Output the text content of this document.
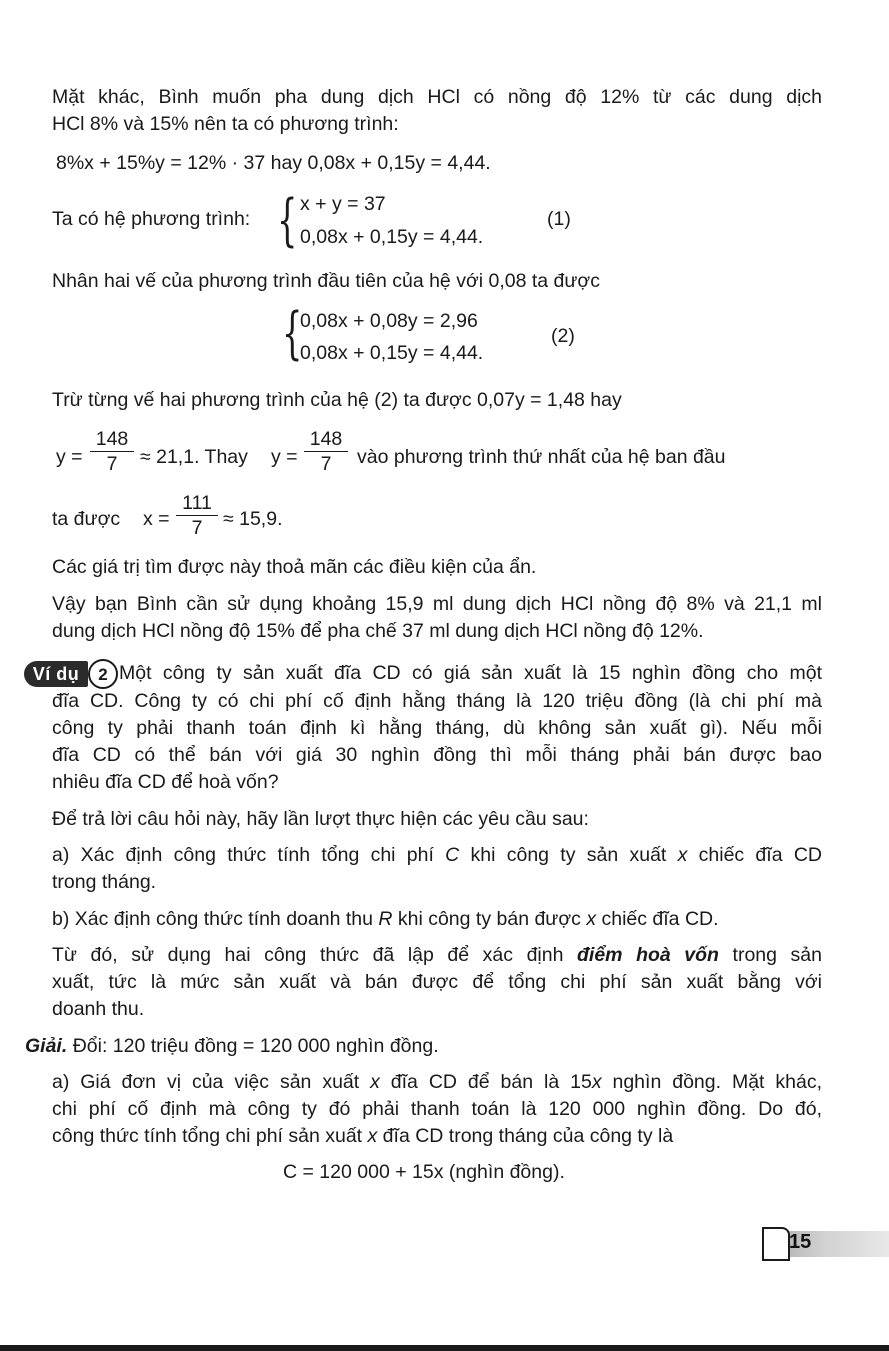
Mặt khác, Bình muốn pha dung dịch HCl có nồng độ 12% từ các dung dịch
HCl 8% và 15% nên ta có phương trình:
8%x + 15%y = 12% · 37 hay 0,08x + 0,15y = 4,44.
Ta có hệ phương trình: { x + y = 37
0,08x + 0,15y = 4,44.
(1)
Nhân hai vế của phương trình đầu tiên của hệ với 0,08 ta được
{
0,08x + 0,08y = 2,96
0,08x + 0,15y = 4,44.
(2)
Trừ từng vế hai phương trình của hệ (2) ta được 0,07y = 1,48 hay
$y = \frac{148}{7} \approx 21,1$. Thay $y = \frac{148}{7}$ vào phương trình thứ nhất của hệ ban đầu
ta được $x = \frac{111}{7} \approx 15,9$.
Các giá trị tìm được này thoả mãn các điều kiện của ẩn.
Vậy bạn Bình cần sử dụng khoảng 15,9 ml dung dịch HCl nồng độ 8% và 21,1 ml
dung dịch HCl nồng độ 15% để pha chế 37 ml dung dịch HCl nồng độ 12%.
Ví dụ	2 Một công ty sản xuất đĩa CD có giá sản xuất là 15 nghìn đồng cho một
đĩa CD. Công ty có chi phí cố định hằng tháng là 120 triệu đồng (là chi phí mà
công ty phải thanh toán định kì hằng tháng, dù không sản xuất gì). Nếu mỗi
đĩa CD có thể bán với giá 30 nghìn đồng thì mỗi tháng phải bán được bao
nhiêu đĩa CD để hoà vốn?
Để trả lời câu hỏi này, hãy lần lượt thực hiện các yêu cầu sau:
a) Xác định công thức tính tổng chi phí C khi công ty sản xuất x chiếc đĩa CD
trong tháng.
b) Xác định công thức tính doanh thu R khi công ty bán được x chiếc đĩa CD.
Từ đó, sử dụng hai công thức đã lập để xác định điểm hoà vốn trong sản
xuất, tức là mức sản xuất và bán được để tổng chi phí sản xuất bằng với
doanh thu.
Giải. Đổi: 120 triệu đồng = 120 000 nghìn đồng.
a) Giá đơn vị của việc sản xuất x đĩa CD để bán là 15x nghìn đồng. Mặt khác,
chi phí cố định mà công ty đó phải thanh toán là 120 000 nghìn đồng. Do đó,
công thức tính tổng chi phí sản xuất x đĩa CD trong tháng của công ty là
C = 120 000 + 15x (nghìn đồng).
15
